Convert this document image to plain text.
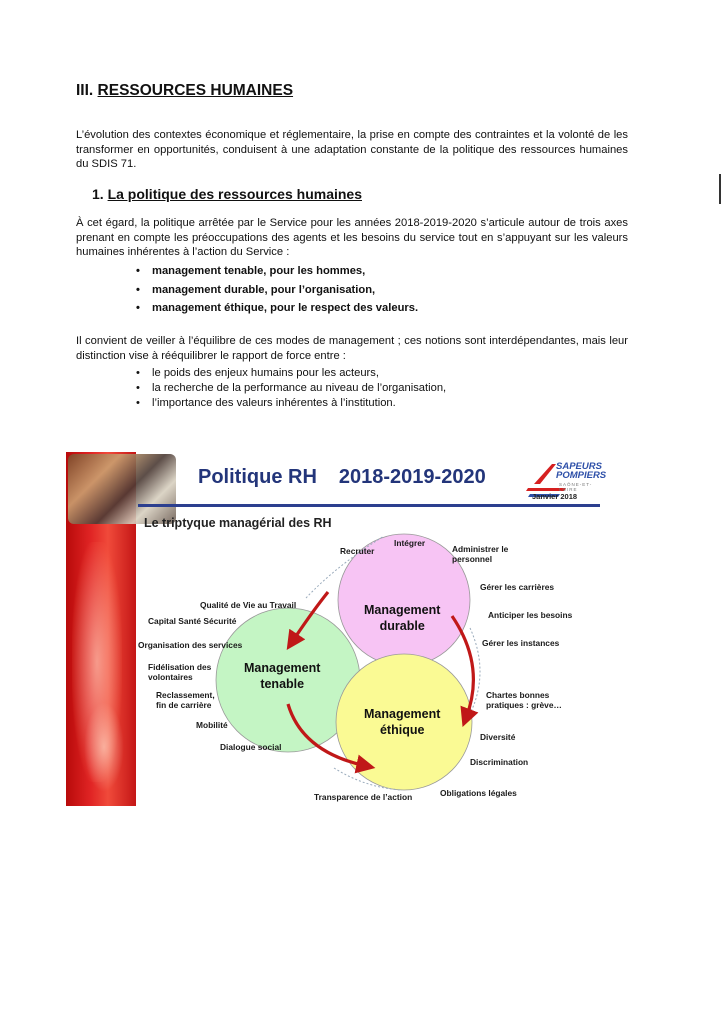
III. RESSOURCES HUMAINES
L’évolution des contextes économique et réglementaire, la prise en compte des contraintes et la volonté de les transformer en opportunités, conduisent à une adaptation constante de la politique des ressources humaines du SDIS 71.
1. La politique des ressources humaines
À cet égard, la politique arrêtée par le Service pour les années 2018-2019-2020 s’articule autour de trois axes prenant en compte les préoccupations des agents et les besoins du service tout en s’appuyant sur les valeurs humaines inhérentes à l’action du Service :
• management tenable, pour les hommes,
• management durable, pour l’organisation,
• management éthique, pour le respect des valeurs.
Il convient de veiller à l’équilibre de ces modes de management ; ces notions sont interdépendantes, mais leur distinction vise à rééquilibrer le rapport de force entre :
• le poids des enjeux humains pour les acteurs,
• la recherche de la performance au niveau de l’organisation,
• l’importance des valeurs inhérentes à l’institution.
Politique RH 2018-2019-2020	SAPEURS
POMPIERS
SAÔNE-ET-LOIRE
Janvier 2018
Le triptyque managérial des RH
Management
durable
Management
tenable
Management
éthique
Recruter
Intégrer
Administrer le
personnel
Gérer les carrières
Anticiper les besoins
Gérer les instances
Chartes bonnes
pratiques : grève…
Diversité
Discrimination
Obligations légales
Transparence de l’action
Dialogue social
Mobilité
Reclassement,
fin de carrière
Fidélisation des
volontaires
Organisation des services
Capital Santé Sécurité
Qualité de Vie au Travail
